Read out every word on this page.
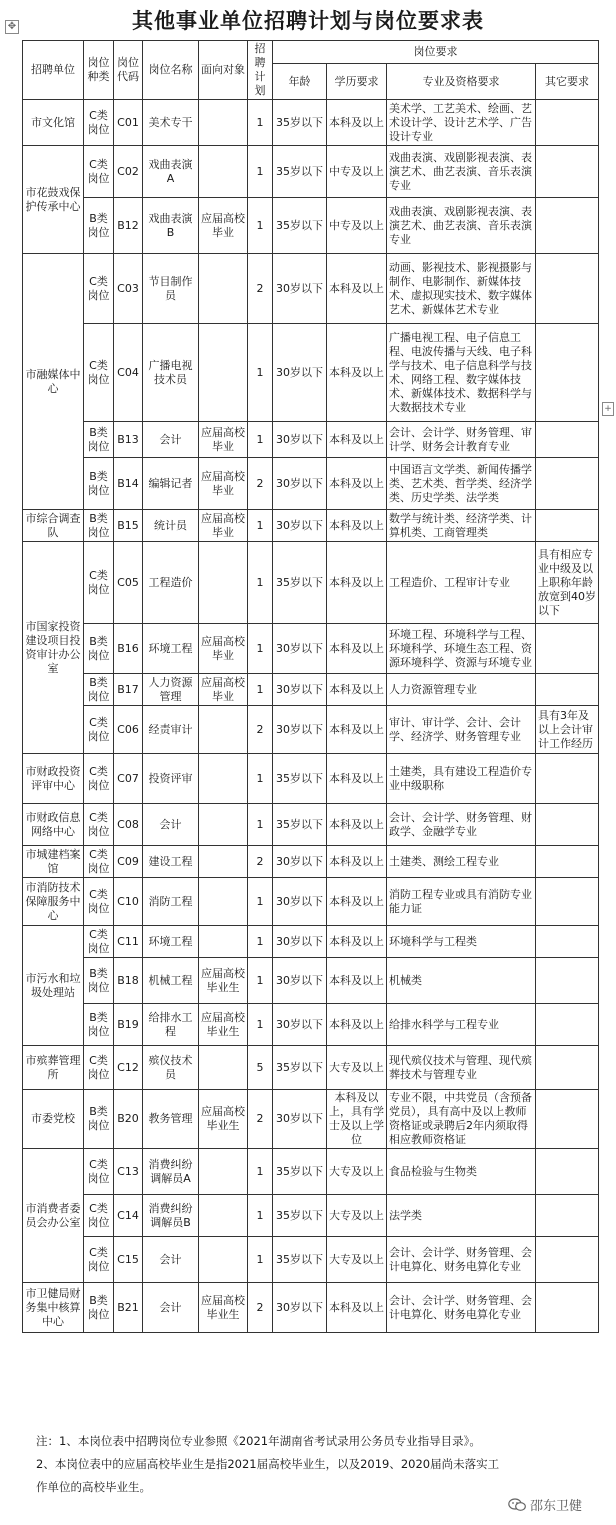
✥
+
其他事业单位招聘计划与岗位要求表
招聘单位	岗位种类	岗位代码	岗位名称	面向对象	招聘计划	岗位要求			
						年龄	学历要求	专业及资格要求	其它要求
市文化馆	C类岗位	C01	美术专干		1	35岁以下	本科及以上	美术学、工艺美术、绘画、艺术设计学、设计艺术学、广告设计专业	
市花鼓戏保护传承中心	C类岗位	C02	戏曲表演A		1	35岁以下	中专及以上	戏曲表演、戏剧影视表演、表演艺术、曲艺表演、音乐表演专业	
	B类岗位	B12	戏曲表演B	应届高校毕业	1	35岁以下	中专及以上	戏曲表演、戏剧影视表演、表演艺术、曲艺表演、音乐表演专业	
市融媒体中心	C类岗位	C03	节目制作员		2	30岁以下	本科及以上	动画、影视技术、影视摄影与制作、电影制作、新媒体技术、虚拟现实技术、数字媒体艺术、新媒体艺术专业	
	C类岗位	C04	广播电视技术员		1	30岁以下	本科及以上	广播电视工程、电子信息工程、电波传播与天线、电子科学与技术、电子信息科学与技术、网络工程、数字媒体技术、新媒体技术、数据科学与大数据技术专业	
	B类岗位	B13	会计	应届高校毕业	1	30岁以下	本科及以上	会计、会计学、财务管理、审计学、财务会计教育专业	
	B类岗位	B14	编辑记者	应届高校毕业	2	30岁以下	本科及以上	中国语言文学类、新闻传播学类、艺术类、哲学类、经济学类、历史学类、法学类	
市综合调查队	B类岗位	B15	统计员	应届高校毕业	1	30岁以下	本科及以上	数学与统计类、经济学类、计算机类、工商管理类	
市国家投资建设项目投资审计办公室	C类岗位	C05	工程造价		1	35岁以下	本科及以上	工程造价、工程审计专业	具有相应专业中级及以上职称年龄放宽到40岁以下
	B类岗位	B16	环境工程	应届高校毕业	1	30岁以下	本科及以上	环境工程、环境科学与工程、环境科学、环境生态工程、资源环境科学、资源与环境专业	
	B类岗位	B17	人力资源管理	应届高校毕业	1	30岁以下	本科及以上	人力资源管理专业	
	C类岗位	C06	经责审计		2	30岁以下	本科及以上	审计、审计学、会计、会计学、经济学、财务管理专业	具有3年及以上会计审计工作经历
市财政投资评审中心	C类岗位	C07	投资评审		1	35岁以下	本科及以上	土建类，具有建设工程造价专业中级职称	
市财政信息网络中心	C类岗位	C08	会计		1	35岁以下	本科及以上	会计、会计学、财务管理、财政学、金融学专业	
市城建档案馆	C类岗位	C09	建设工程		2	30岁以下	本科及以上	土建类、测绘工程专业	
市消防技术保障服务中心	C类岗位	C10	消防工程		1	30岁以下	本科及以上	消防工程专业或具有消防专业能力证	
市污水和垃圾处理站	C类岗位	C11	环境工程		1	30岁以下	本科及以上	环境科学与工程类	
	B类岗位	B18	机械工程	应届高校毕业生	1	30岁以下	本科及以上	机械类	
	B类岗位	B19	给排水工程	应届高校毕业生	1	30岁以下	本科及以上	给排水科学与工程专业	
市殡葬管理所	C类岗位	C12	殡仪技术员		5	35岁以下	大专及以上	现代殡仪技术与管理、现代殡葬技术与管理专业	
市委党校	B类岗位	B20	教务管理	应届高校毕业生	2	30岁以下	本科及以上，具有学士及以上学位	专业不限，中共党员（含预备党员），具有高中及以上教师资格证或录聘后2年内须取得相应教师资格证	
市消费者委员会办公室	C类岗位	C13	消费纠纷调解员A		1	35岁以下	大专及以上	食品检验与生物类	
	C类岗位	C14	消费纠纷调解员B		1	35岁以下	大专及以上	法学类	
	C类岗位	C15	会计		1	35岁以下	大专及以上	会计、会计学、财务管理、会计电算化、财务电算化专业	
市卫健局财务集中核算中心	B类岗位	B21	会计	应届高校毕业生	2	30岁以下	本科及以上	会计、会计学、财务管理、会计电算化、财务电算化专业	

注：1、本岗位表中招聘岗位专业参照《2021年湖南省考试录用公务员专业指导目录》。

2、本岗位表中的应届高校毕业生是指2021届高校毕业生，以及2019、2020届尚未落实工

作单位的高校毕业生。

邵东卫健
